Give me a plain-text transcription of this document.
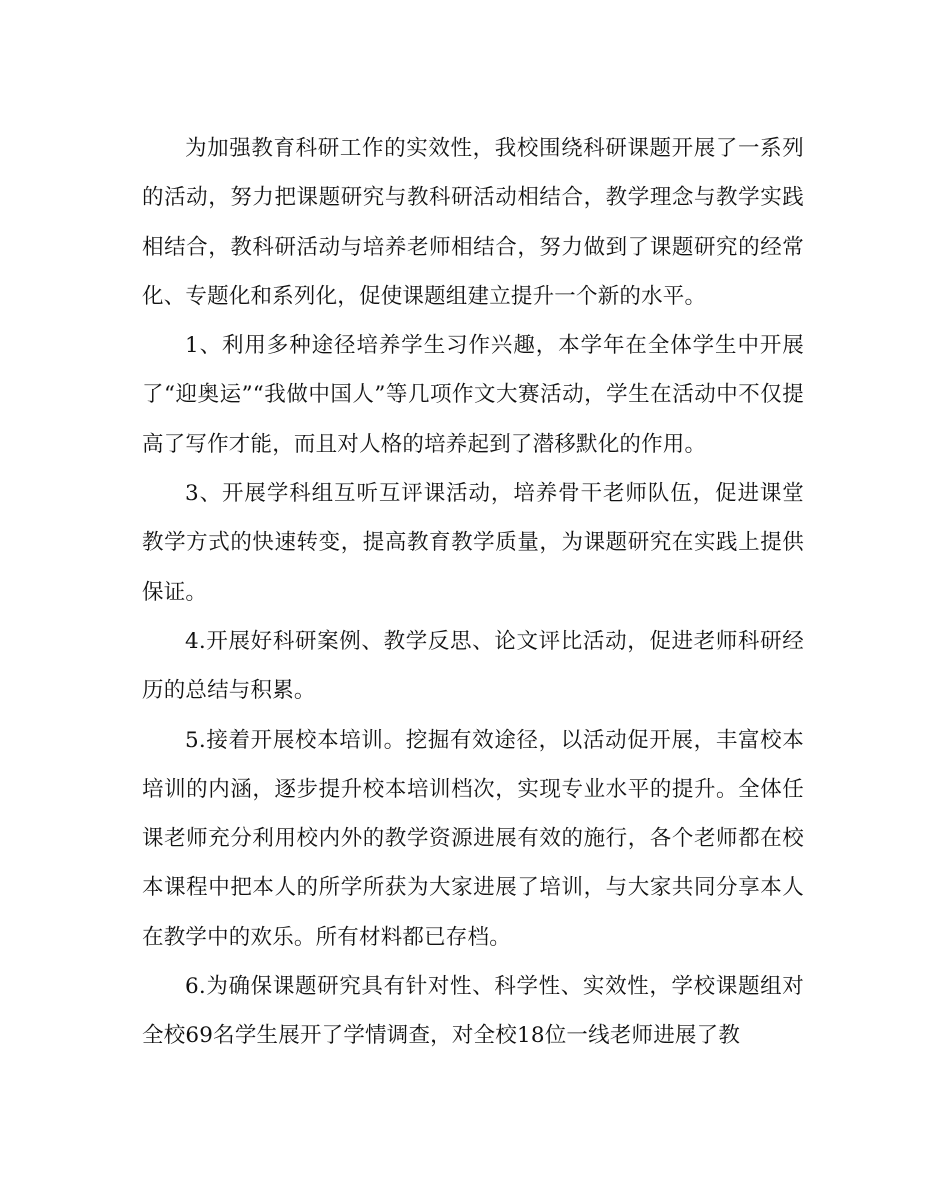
为加强教育科研工作的实效性，我校围绕科研课题开展了一系列的活动，努力把课题研究与教科研活动相结合，教学理念与教学实践相结合，教科研活动与培养老师相结合，努力做到了课题研究的经常化、专题化和系列化，促使课题组建立提升一个新的水平。

1、利用多种途径培养学生习作兴趣，本学年在全体学生中开展了“迎奥运”“我做中国人”等几项作文大赛活动，学生在活动中不仅提高了写作才能，而且对人格的培养起到了潜移默化的作用。

3、开展学科组互听互评课活动，培养骨干老师队伍，促进课堂教学方式的快速转变，提高教育教学质量，为课题研究在实践上提供保证。

4.开展好科研案例、教学反思、论文评比活动，促进老师科研经历的总结与积累。

5.接着开展校本培训。挖掘有效途径，以活动促开展，丰富校本培训的内涵，逐步提升校本培训档次，实现专业水平的提升。全体任课老师充分利用校内外的教学资源进展有效的施行，各个老师都在校本课程中把本人的所学所获为大家进展了培训，与大家共同分享本人在教学中的欢乐。所有材料都已存档。

6.为确保课题研究具有针对性、科学性、实效性，学校课题组对全校69名学生展开了学情调查，对全校18位一线老师进展了教
